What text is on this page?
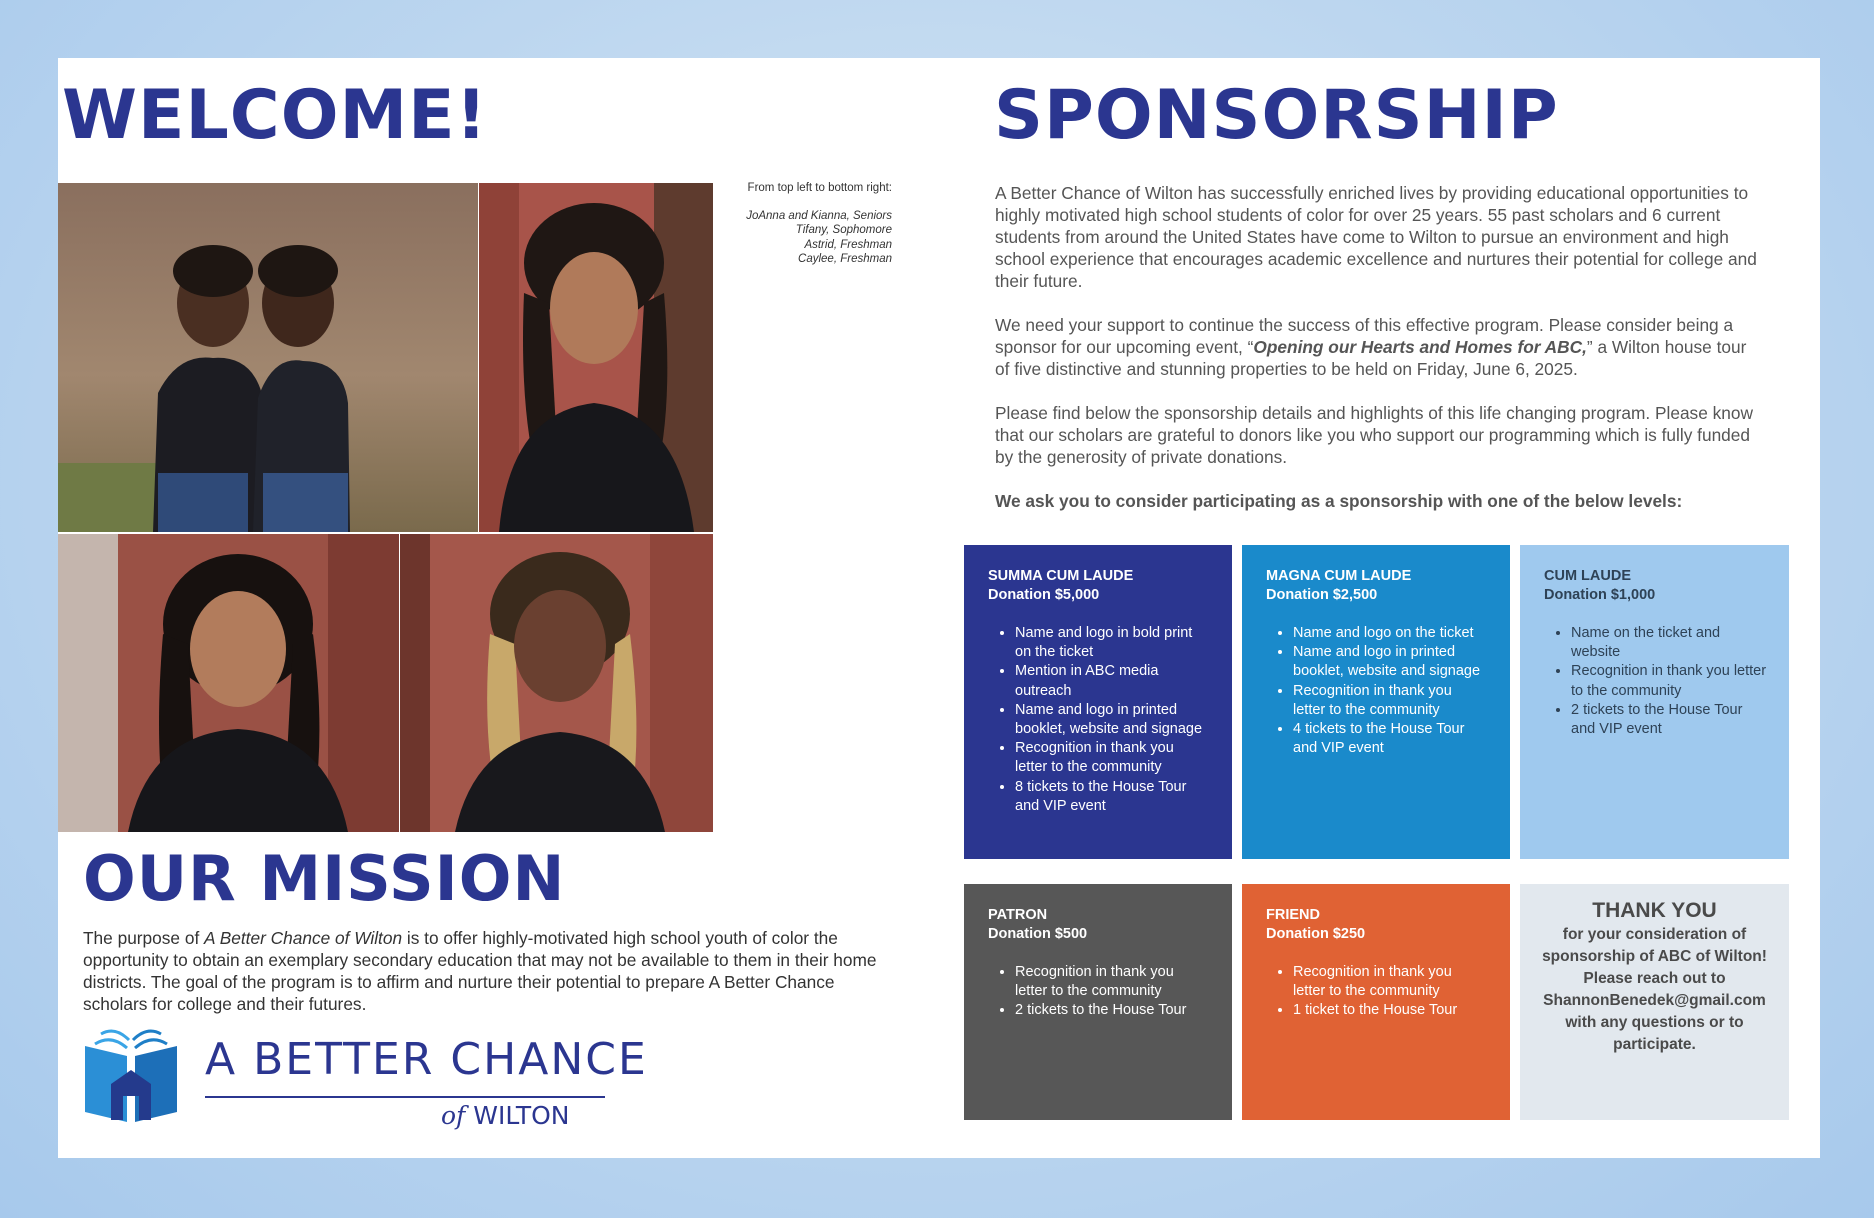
WELCOME!
From top left to bottom right:
JoAnna and Kianna, Seniors
Tifany, Sophomore
Astrid, Freshman
Caylee, Freshman
OUR MISSION
The purpose of A Better Chance of Wilton is to offer highly-motivated high school youth of color the opportunity to obtain an exemplary secondary education that may not be available to them in their home districts. The goal of the program is to affirm and nurture their potential to prepare A Better Chance scholars for college and their futures.
A BETTER CHANCE
of WILTON
SPONSORSHIP

A Better Chance of Wilton has successfully enriched lives by providing educational opportunities to highly motivated high school students of color for over 25 years. 55 past scholars and 6 current students from around the United States have come to Wilton to pursue an environment and high school experience that encourages academic excellence and nurtures their potential for college and their future.

We need your support to continue the success of this effective program. Please consider being a sponsor for our upcoming event, “Opening our Hearts and Homes for ABC,” a Wilton house tour of five distinctive and stunning properties to be held on Friday, June 6, 2025.

Please find below the sponsorship details and highlights of this life changing program. Please know that our scholars are grateful to donors like you who support our programming which is fully funded by the generosity of private donations.

We ask you to consider participating as a sponsorship with one of the below levels:

SUMMA CUM LAUDE
Donation $5,000
• Name and logo in bold print on the ticket
• Mention in ABC media outreach
• Name and logo in printed booklet, website and signage
• Recognition in thank you letter to the community
• 8 tickets to the House Tour and VIP event
MAGNA CUM LAUDE
Donation $2,500
• Name and logo on the ticket
• Name and logo in printed booklet, website and signage
• Recognition in thank you letter to the community
• 4 tickets to the House Tour and VIP event
CUM LAUDE
Donation $1,000
• Name on the ticket and website
• Recognition in thank you letter to the community
• 2 tickets to the House Tour and VIP event
PATRON
Donation $500
• Recognition in thank you letter to the community
• 2 tickets to the House Tour
FRIEND
Donation $250
• Recognition in thank you letter to the community
• 1 ticket to the House Tour
THANK YOU
for your consideration of sponsorship of ABC of Wilton! Please reach out to ShannonBenedek@gmail.com with any questions or to participate.
